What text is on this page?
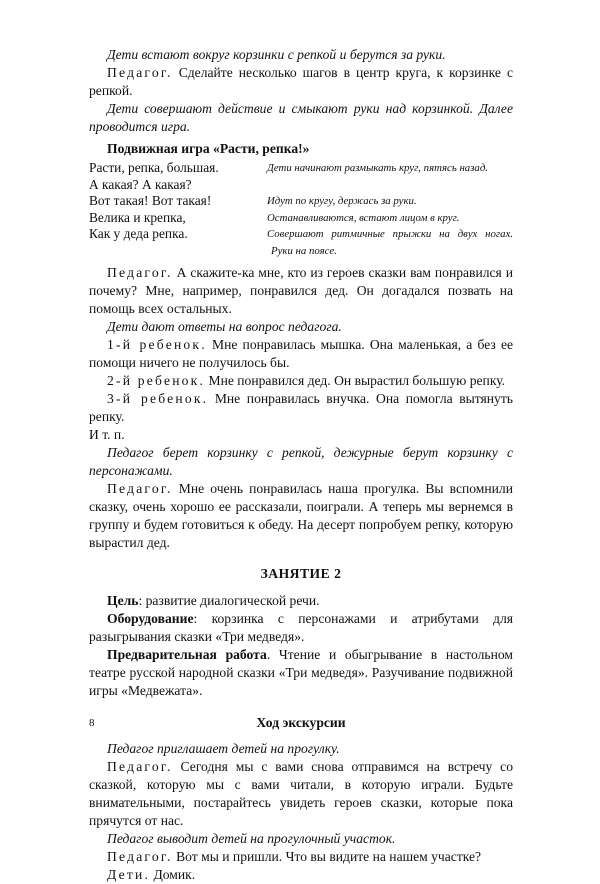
Дети встают вокруг корзинки с репкой и берутся за руки.

Педагог. Сделайте несколько шагов в центр круга, к корзинке с репкой.

Дети совершают действие и смыкают руки над корзинкой. Далее проводится игра.

Подвижная игра «Расти, репка!»

Расти, репка, большая.
А какая? А какая?
Вот такая! Вот такая!
Велика и крепка,
Как у деда репка.
Дети начинают размыкать круг, пятясь назад.

Идут по кругу, держась за руки.
Останавливаются, встают лицом в круг.
Совершают ритмичные прыжки на двух ногах.
Руки на поясе.

Педагог. А скажите-ка мне, кто из героев сказки вам понравился и почему? Мне, например, понравился дед. Он догадался позвать на помощь всех остальных.

Дети дают ответы на вопрос педагога.

1-й ребенок. Мне понравилась мышка. Она маленькая, а без ее помощи ничего не получилось бы.

2-й ребенок. Мне понравился дед. Он вырастил большую репку.

3-й ребенок. Мне понравилась внучка. Она помогла вытянуть репку.

И т. п.

Педагог берет корзинку с репкой, дежурные берут корзинку с персонажами.

Педагог. Мне очень понравилась наша прогулка. Вы вспомнили сказку, очень хорошо ее рассказали, поиграли. А теперь мы вернемся в группу и будем готовиться к обеду. На десерт попробуем репку, которую вырастил дед.

ЗАНЯТИЕ 2

Цель: развитие диалогической речи.

Оборудование: корзинка с персонажами и атрибутами для разыгрывания сказки «Три медведя».

Предварительная работа. Чтение и обыгрывание в настольном театре русской народной сказки «Три медведя». Разучивание подвижной игры «Медвежата».

Ход экскурсии

Педагог приглашает детей на прогулку.

Педагог. Сегодня мы с вами снова отправимся на встречу со сказкой, которую мы с вами читали, в которую играли. Будьте внимательными, постарайтесь увидеть героев сказки, которые пока прячутся от нас.

Педагог выводит детей на прогулочный участок.

Педагог. Вот мы и пришли. Что вы видите на нашем участке?

Дети. Домик.

8
